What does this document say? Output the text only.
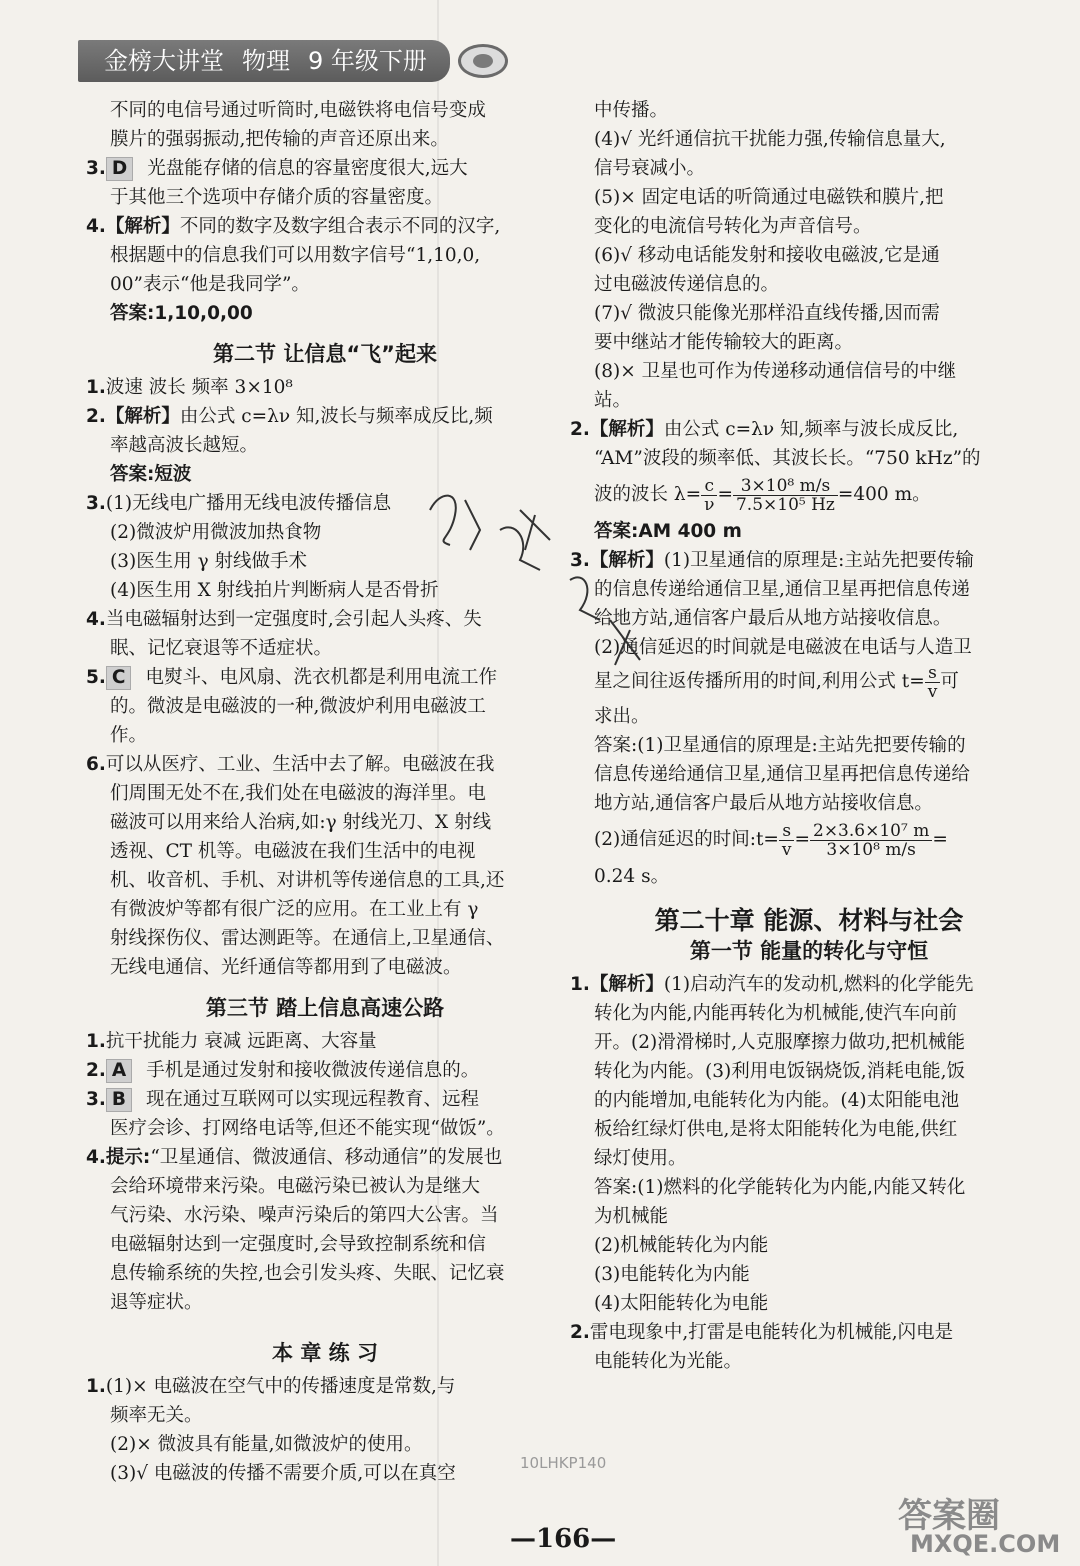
金榜大讲堂 物理 9 年级下册

不同的电信号通过听筒时,电磁铁将电信号变成

膜片的强弱振动,把传输的声音还原出来。

3. D 光盘能存储的信息的容量密度很大,远大

于其他三个选项中存储介质的容量密度。

4.【解析】不同的数字及数字组合表示不同的汉字,

根据题中的信息我们可以用数字信号“1,10,0,

00”表示“他是我同学”。

答案:1,10,0,00

第二节 让信息“飞”起来

1.波速 波长 频率 3×10⁸

2.【解析】由公式 c=λν 知,波长与频率成反比,频

率越高波长越短。

答案:短波

3.(1)无线电广播用无线电波传播信息

(2)微波炉用微波加热食物

(3)医生用 γ 射线做手术

(4)医生用 X 射线拍片判断病人是否骨折

4.当电磁辐射达到一定强度时,会引起人头疼、失

眠、记忆衰退等不适症状。

5. C 电熨斗、电风扇、洗衣机都是利用电流工作

的。微波是电磁波的一种,微波炉利用电磁波工

作。

6.可以从医疗、工业、生活中去了解。电磁波在我

们周围无处不在,我们处在电磁波的海洋里。电

磁波可以用来给人治病,如:γ 射线光刀、X 射线

透视、CT 机等。电磁波在我们生活中的电视

机、收音机、手机、对讲机等传递信息的工具,还

有微波炉等都有很广泛的应用。在工业上有 γ

射线探伤仪、雷达测距等。在通信上,卫星通信、

无线电通信、光纤通信等都用到了电磁波。

第三节 踏上信息高速公路

1.抗干扰能力 衰减 远距离、大容量

2. A 手机是通过发射和接收微波传递信息的。

3. B 现在通过互联网可以实现远程教育、远程

医疗会诊、打网络电话等,但还不能实现“做饭”。

4.提示:“卫星通信、微波通信、移动通信”的发展也

会给环境带来污染。电磁污染已被认为是继大

气污染、水污染、噪声污染后的第四大公害。当

电磁辐射达到一定强度时,会导致控制系统和信

息传输系统的失控,也会引发头疼、失眠、记忆衰

退等症状。

本 章 练 习

1.(1)× 电磁波在空气中的传播速度是常数,与

频率无关。

(2)× 微波具有能量,如微波炉的使用。

(3)√ 电磁波的传播不需要介质,可以在真空

中传播。

(4)√ 光纤通信抗干扰能力强,传输信息量大,

信号衰减小。

(5)× 固定电话的听筒通过电磁铁和膜片,把

变化的电流信号转化为声音信号。

(6)√ 移动电话能发射和接收电磁波,它是通

过电磁波传递信息的。

(7)√ 微波只能像光那样沿直线传播,因而需

要中继站才能传输较大的距离。

(8)× 卫星也可作为传递移动通信信号的中继

站。

2.【解析】由公式 c=λν 知,频率与波长成反比,

“AM”波段的频率低、其波长长。“750 kHz”的

波的波长 $\lambda= \frac{c}{\nu} = \frac{\text{3×10⁸ m/s}}{\text{7.5×10⁵ Hz}} =400$ m。

答案:AM 400 m

3.【解析】(1)卫星通信的原理是:主站先把要传输

的信息传递给通信卫星,通信卫星再把信息传递

给地方站,通信客户最后从地方站接收信息。

(2)通信延迟的时间就是电磁波在电话与人造卫

星之间往返传播所用的时间,利用公式 $t= \frac{s}{v}$ 可

求出。

答案:(1)卫星通信的原理是:主站先把要传输的

信息传递给通信卫星,通信卫星再把信息传递给

地方站,通信客户最后从地方站接收信息。

(2)通信延迟的时间:t= $\frac{s}{v} = \frac{\text{2×3.6×10⁷ m}}{\text{3×10⁸ m/s}}$ =

0.24 s。

第二十章 能源、材料与社会

第一节 能量的转化与守恒

1.【解析】(1)启动汽车的发动机,燃料的化学能先

转化为内能,内能再转化为机械能,使汽车向前

开。(2)滑滑梯时,人克服摩擦力做功,把机械能

转化为内能。(3)利用电饭锅烧饭,消耗电能,饭

的内能增加,电能转化为内能。(4)太阳能电池

板给红绿灯供电,是将太阳能转化为电能,供红

绿灯使用。

答案:(1)燃料的化学能转化为内能,内能又转化

为机械能

(2)机械能转化为内能

(3)电能转化为内能

(4)太阳能转化为电能

2.雷电现象中,打雷是电能转化为机械能,闪电是

电能转化为光能。

10LHKP140
—166—
答案圈
MXQE.COM
